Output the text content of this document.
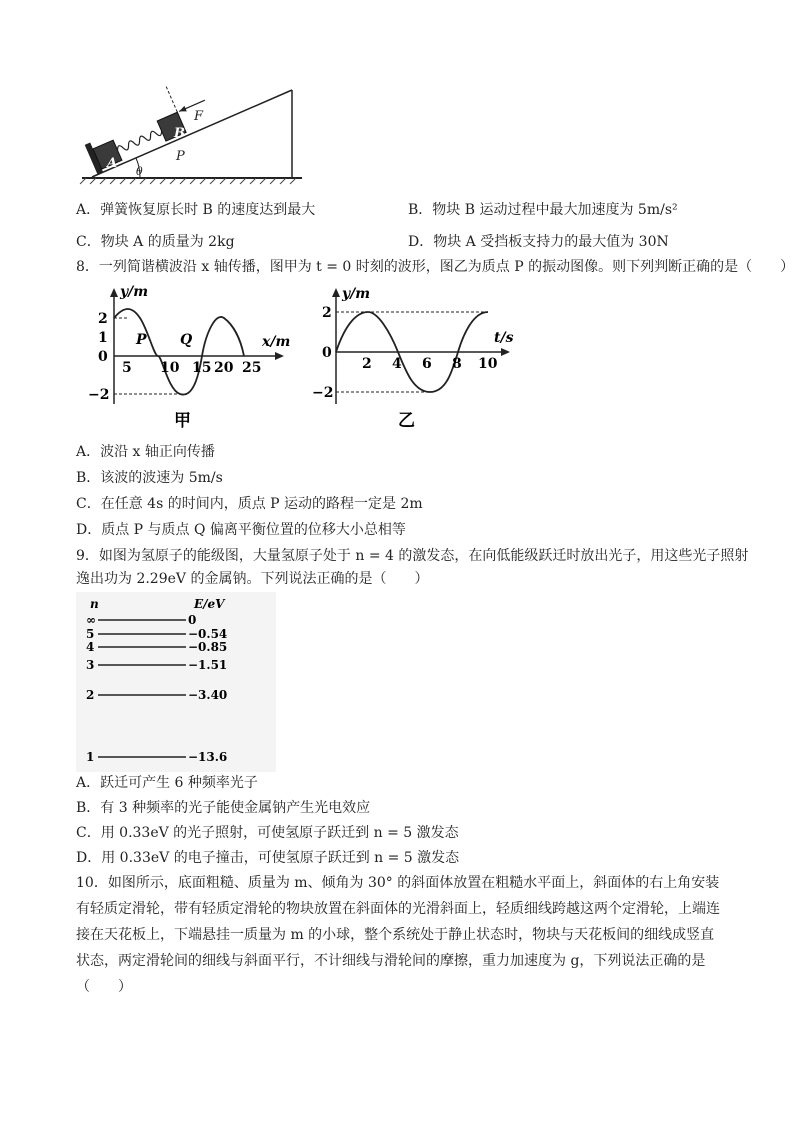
A
B
F
P
θ
A．弹簧恢复原长时 B 的速度达到最大	B．物块 B 运动过程中最大加速度为 5m/s²
C．物块 A 的质量为 2kg	D．物块 A 受挡板支持力的最大值为 30N
8．一列简谐横波沿 x 轴传播，图甲为 t = 0 时刻的波形，图乙为质点 P 的振动图像。则下列判断正确的是（　　）
y/m
x/m
2
1
0
−2
5 10 15 20 25
P Q
甲
y/m
t/s
2
0
−2
2 4 6 8 10
乙
A．波沿 x 轴正向传播
B．该波的波速为 5m/s
C．在任意 4s 的时间内，质点 P 运动的路程一定是 2m
D．质点 P 与质点 Q 偏离平衡位置的位移大小总相等
9．如图为氢原子的能级图，大量氢原子处于 n = 4 的激发态，在向低能级跃迁时放出光子，用这些光子照射
逸出功为 2.29eV 的金属钠。下列说法正确的是（　　）
n	E/eV
∞	0
5	−0.54
4	−0.85
3	−1.51
2	−3.40
1	−13.6
A．跃迁可产生 6 种频率光子
B．有 3 种频率的光子能使金属钠产生光电效应
C．用 0.33eV 的光子照射，可使氢原子跃迁到 n = 5 激发态
D．用 0.33eV 的电子撞击，可使氢原子跃迁到 n = 5 激发态
10．如图所示，底面粗糙、质量为 m、倾角为 30° 的斜面体放置在粗糙水平面上，斜面体的右上角安装有轻质定滑轮，带有轻质定滑轮的物块放置在斜面体的光滑斜面上，轻质细线跨越这两个定滑轮，上端连接在天花板上，下端悬挂一质量为 m 的小球，整个系统处于静止状态时，物块与天花板间的细线成竖直状态，两定滑轮间的细线与斜面平行，不计细线与滑轮间的摩擦，重力加速度为 g，下列说法正确的是（　　）
